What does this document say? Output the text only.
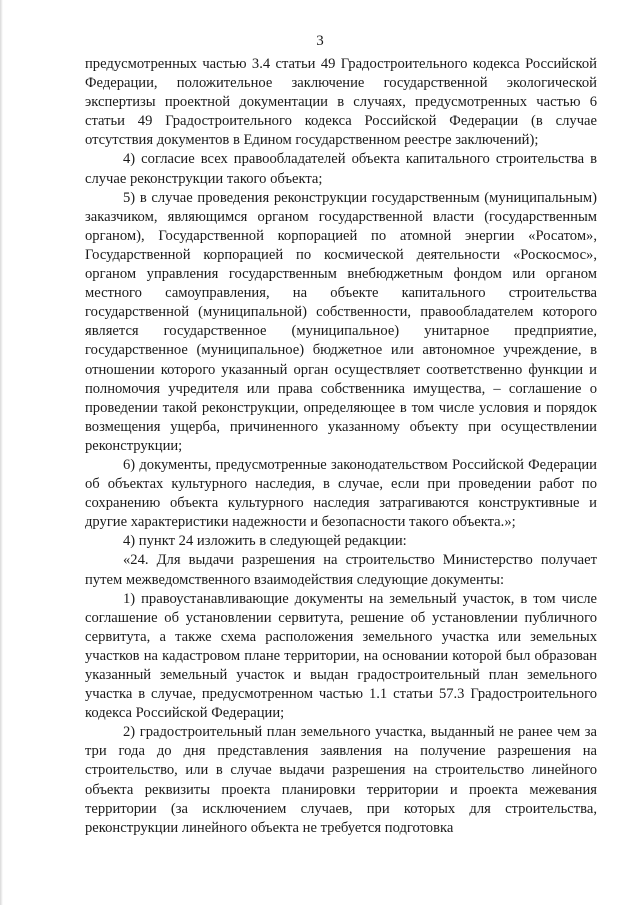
3

предусмотренных частью 3.4 статьи 49 Градостроительного кодекса Российской Федерации, положительное заключение государственной экологической экспертизы проектной документации в случаях, предусмотренных частью 6 статьи 49 Градостроительного кодекса Российской Федерации (в случае отсутствия документов в Едином государственном реестре заключений);

4) согласие всех правообладателей объекта капитального строительства в случае реконструкции такого объекта;

5) в случае проведения реконструкции государственным (муниципальным) заказчиком, являющимся органом государственной власти (государственным органом), Государственной корпорацией по атомной энергии «Росатом», Государственной корпорацией по космической деятельности «Роскосмос», органом управления государственным внебюджетным фондом или органом местного самоуправления, на объекте капитального строительства государственной (муниципальной) собственности, правообладателем которого является государственное (муниципальное) унитарное предприятие, государственное (муниципальное) бюджетное или автономное учреждение, в отношении которого указанный орган осуществляет соответственно функции и полномочия учредителя или права собственника имущества, – соглашение о проведении такой реконструкции, определяющее в том числе условия и порядок возмещения ущерба, причиненного указанному объекту при осуществлении реконструкции;

6) документы, предусмотренные законодательством Российской Федерации об объектах культурного наследия, в случае, если при проведении работ по сохранению объекта культурного наследия затрагиваются конструктивные и другие характеристики надежности и безопасности такого объекта.»;

4) пункт 24 изложить в следующей редакции:

«24. Для выдачи разрешения на строительство Министерство получает путем межведомственного взаимодействия следующие документы:

1) правоустанавливающие документы на земельный участок, в том числе соглашение об установлении сервитута, решение об установлении публичного сервитута, а также схема расположения земельного участка или земельных участков на кадастровом плане территории, на основании которой был образован указанный земельный участок и выдан градостроительный план земельного участка в случае, предусмотренном частью 1.1 статьи 57.3 Градостроительного кодекса Российской Федерации;

2) градостроительный план земельного участка, выданный не ранее чем за три года до дня представления заявления на получение разрешения на строительство, или в случае выдачи разрешения на строительство линейного объекта реквизиты проекта планировки территории и проекта межевания территории (за исключением случаев, при которых для строительства, реконструкции линейного объекта не требуется подготовка
